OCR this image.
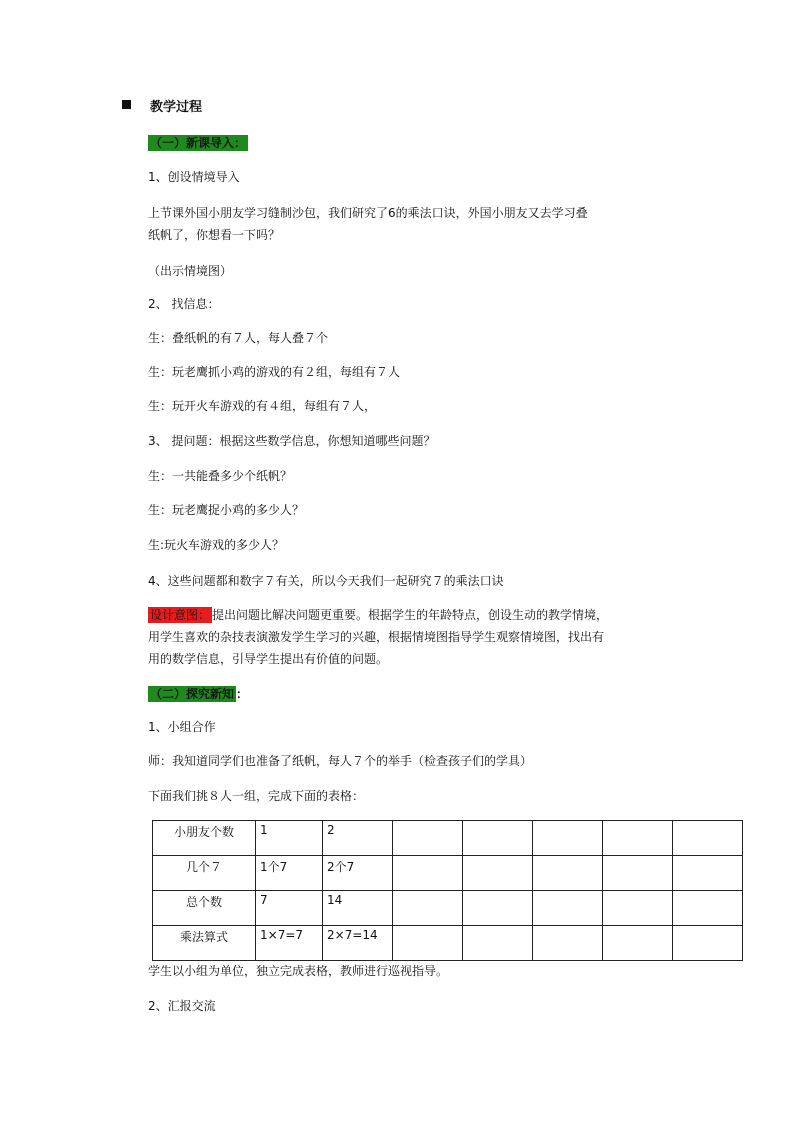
教学过程
（一）新课导入：
1、创设情境导入
上节课外国小朋友学习缝制沙包，我们研究了6的乘法口诀，外国小朋友又去学习叠
纸帆了，你想看一下吗？
（出示情境图）
2、 找信息：
生：叠纸帆的有７人，每人叠７个
生：玩老鹰抓小鸡的游戏的有２组，每组有７人
生：玩开火车游戏的有４组，每组有７人，
3、 提问题：根据这些数学信息，你想知道哪些问题？
生：一共能叠多少个纸帆？
生：玩老鹰捉小鸡的多少人？
生:玩火车游戏的多少人？
4、这些问题都和数字７有关，所以今天我们一起研究７的乘法口诀
设计意图： 提出问题比解决问题更重要。根据学生的年龄特点，创设生动的教学情境，
用学生喜欢的杂技表演激发学生学习的兴趣，根据情境图指导学生观察情境图，找出有
用的数学信息，引导学生提出有价值的问题。
（二）探究新知 ：
1、小组合作
师：我知道同学们也准备了纸帆，每人７个的举手（检查孩子们的学具）
下面我们挑８人一组，完成下面的表格：
小朋友个数	1	2					

几个７	1个7	2个7					

总个数	7	14					

乘法算式	1×7=7	2×7=14					

学生以小组为单位，独立完成表格，教师进行巡视指导。
2、汇报交流
